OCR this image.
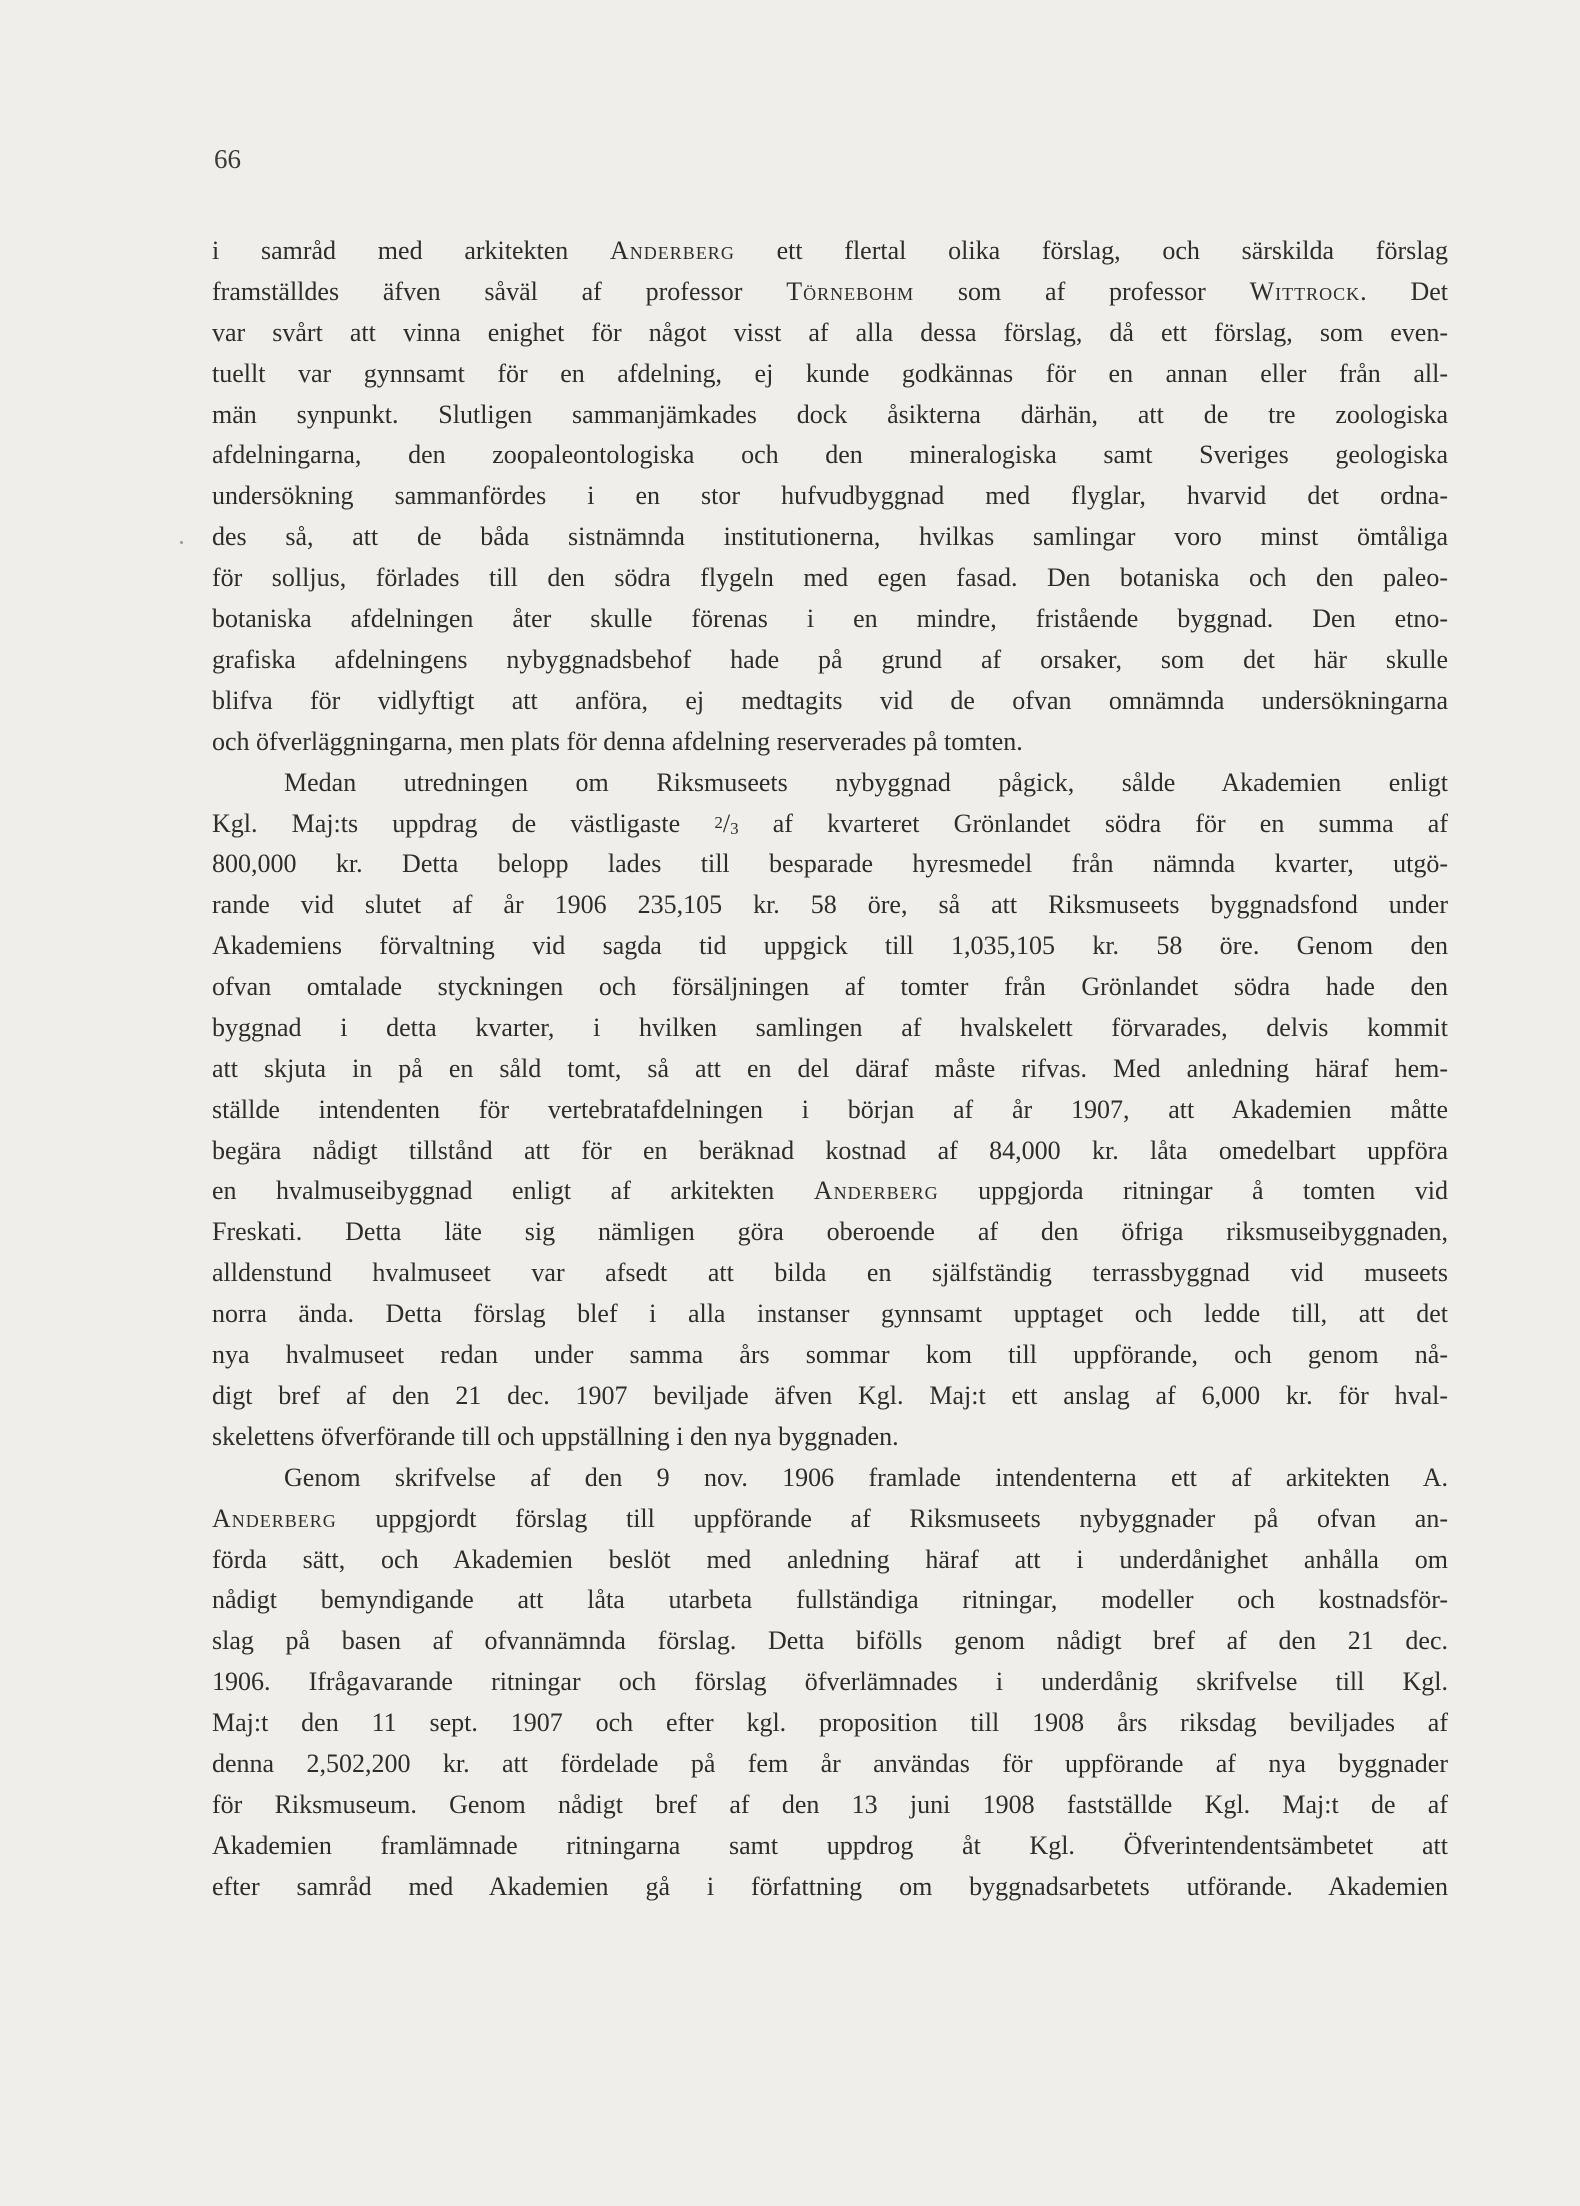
66
i samråd med arkitekten Anderberg ett flertal olika förslag, och särskilda förslag
framställdes äfven såväl af professor Törnebohm som af professor Wittrock. Det
var svårt att vinna enighet för något visst af alla dessa förslag, då ett förslag, som even-
tuellt var gynnsamt för en afdelning, ej kunde godkännas för en annan eller från all-
män synpunkt. Slutligen sammanjämkades dock åsikterna därhän, att de tre zoologiska
afdelningarna, den zoopaleontologiska och den mineralogiska samt Sveriges geologiska
undersökning sammanfördes i en stor hufvudbyggnad med flyglar, hvarvid det ordna-
des så, att de båda sistnämnda institutionerna, hvilkas samlingar voro minst ömtåliga
för solljus, förlades till den södra flygeln med egen fasad. Den botaniska och den paleo-
botaniska afdelningen åter skulle förenas i en mindre, fristående byggnad. Den etno-
grafiska afdelningens nybyggnadsbehof hade på grund af orsaker, som det här skulle
blifva för vidlyftigt att anföra, ej medtagits vid de ofvan omnämnda undersökningarna
och öfverläggningarna, men plats för denna afdelning reserverades på tomten.
Medan utredningen om Riksmuseets nybyggnad pågick, sålde Akademien enligt
Kgl. Maj:ts uppdrag de västligaste 2/3 af kvarteret Grönlandet södra för en summa af
800,000 kr. Detta belopp lades till besparade hyresmedel från nämnda kvarter, utgö-
rande vid slutet af år 1906 235,105 kr. 58 öre, så att Riksmuseets byggnadsfond under
Akademiens förvaltning vid sagda tid uppgick till 1,035,105 kr. 58 öre. Genom den
ofvan omtalade styckningen och försäljningen af tomter från Grönlandet södra hade den
byggnad i detta kvarter, i hvilken samlingen af hvalskelett förvarades, delvis kommit
att skjuta in på en såld tomt, så att en del däraf måste rifvas. Med anledning häraf hem-
ställde intendenten för vertebratafdelningen i början af år 1907, att Akademien måtte
begära nådigt tillstånd att för en beräknad kostnad af 84,000 kr. låta omedelbart uppföra
en hvalmuseibyggnad enligt af arkitekten Anderberg uppgjorda ritningar å tomten vid
Freskati. Detta läte sig nämligen göra oberoende af den öfriga riksmuseibyggnaden,
alldenstund hvalmuseet var afsedt att bilda en själfständig terrassbyggnad vid museets
norra ända. Detta förslag blef i alla instanser gynnsamt upptaget och ledde till, att det
nya hvalmuseet redan under samma års sommar kom till uppförande, och genom nå-
digt bref af den 21 dec. 1907 beviljade äfven Kgl. Maj:t ett anslag af 6,000 kr. för hval-
skelettens öfverförande till och uppställning i den nya byggnaden.
Genom skrifvelse af den 9 nov. 1906 framlade intendenterna ett af arkitekten A.
Anderberg uppgjordt förslag till uppförande af Riksmuseets nybyggnader på ofvan an-
förda sätt, och Akademien beslöt med anledning häraf att i underdånighet anhålla om
nådigt bemyndigande att låta utarbeta fullständiga ritningar, modeller och kostnadsför-
slag på basen af ofvannämnda förslag. Detta bifölls genom nådigt bref af den 21 dec.
1906. Ifrågavarande ritningar och förslag öfverlämnades i underdånig skrifvelse till Kgl.
Maj:t den 11 sept. 1907 och efter kgl. proposition till 1908 års riksdag beviljades af
denna 2,502,200 kr. att fördelade på fem år användas för uppförande af nya byggnader
för Riksmuseum. Genom nådigt bref af den 13 juni 1908 fastställde Kgl. Maj:t de af
Akademien framlämnade ritningarna samt uppdrog åt Kgl. Öfverintendentsämbetet att
efter samråd med Akademien gå i författning om byggnadsarbetets utförande. Akademien
